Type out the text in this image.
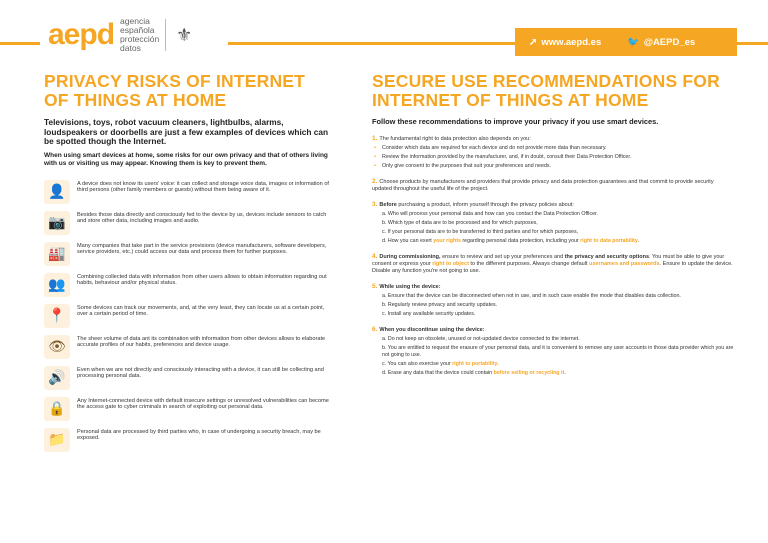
aepd agencia
española
protección
datos
⚜	➚ www.aepd.es	🐦 @AEPD_es
PRIVACY RISKS OF INTERNET OF THINGS AT HOME
Televisions, toys, robot vacuum cleaners, lightbulbs, alarms, loudspeakers or doorbells are just a few examples of devices which can be spotted though the Internet.
When using smart devices at home, some risks for our own privacy and that of others living with us or visiting us may appear. Knowing them is key to prevent them.
👤	A device does not know its users' voice: it can collect and storage voice data, images or information of third persons (other family members or guests) without them being aware of it.
📷	Besides those data directly and consciously fed to the device by us, devices include sensors to catch and store other data, including images and audio.
🏭	Many companies that take part in the service provisions (device manufacturers, software developers, service providers, etc.) could access our data and process them for further purposes.
👥	Combining collected data with information from other users allows to obtain information regarding out habits, behaviour and/or physical status.
📍	Some devices can track our movements, and, at the very least, they can locate us at a certain point, over a certain period of time.
👁	The sheer volume of data ant its combination with information from other devices allows to elaborate accurate profiles of our habits, preferences and device usage.
🔊	Even when we are not directly and consciously interacting with a device, it can still be collecting and processing personal data.
🔒	Any Internet-connected device with default insecure settings or unresolved vulnerabilities can become the access gate to cyber criminals in search of exploiting our personal data.
📁	Personal data are processed by third parties who, in case of undergoing a security breach, may be exposed.
SECURE USE RECOMMENDATIONS FOR INTERNET OF THINGS AT HOME
Follow these recommendations to improve your privacy if you use smart devices.
1. The fundamental right to data protection also depends on you:
• Consider which data are required for each device and do not provide more data than necessary.
• Review the information provided by the manufacturer, and, if in doubt, consult their Data Protection Officer.
• Only give consent to the purposes that suit your preferences and needs.
2. Choose products by manufacturers and providers that provide privacy and data protection guarantees and that commit to provide security updated throughout the useful life of the project.
3. Before purchasing a product, inform yourself through the privacy policies about:
a. Who will process your personal data and how can you contact the Data Protection Officer.
b. Which type of data are to be processed and for which purposes,
c. If your personal data are to be transferred to third parties and for which purposes,
d. How you can exert your rights regarding personal data protection, including your right to data portability.
4. During commissioning, ensure to review and set up your preferences and the privacy and security options. You must be able to give your consent or express your right to object to the different purposes. Always change default usernames and passwords. Ensure to update the device. Disable any function you're not going to use.
5. While using the device:
a. Ensure that the device can be disconnected when not in use, and in such case enable the mode that disables data collection.
b. Regularly review privacy and security updates.
c. Install any available security updates.
6. When you discontinue using the device:
a. Do not keep an obsolete, unused or not-updated device connected to the internet.
b. You are entitled to request the erasure of your personal data, and it is convenient to remove any user accounts in those data provider which you are not going to use.
c. You can also exercise your right to portability.
d. Erase any data that the device could contain before selling or recycling it.
